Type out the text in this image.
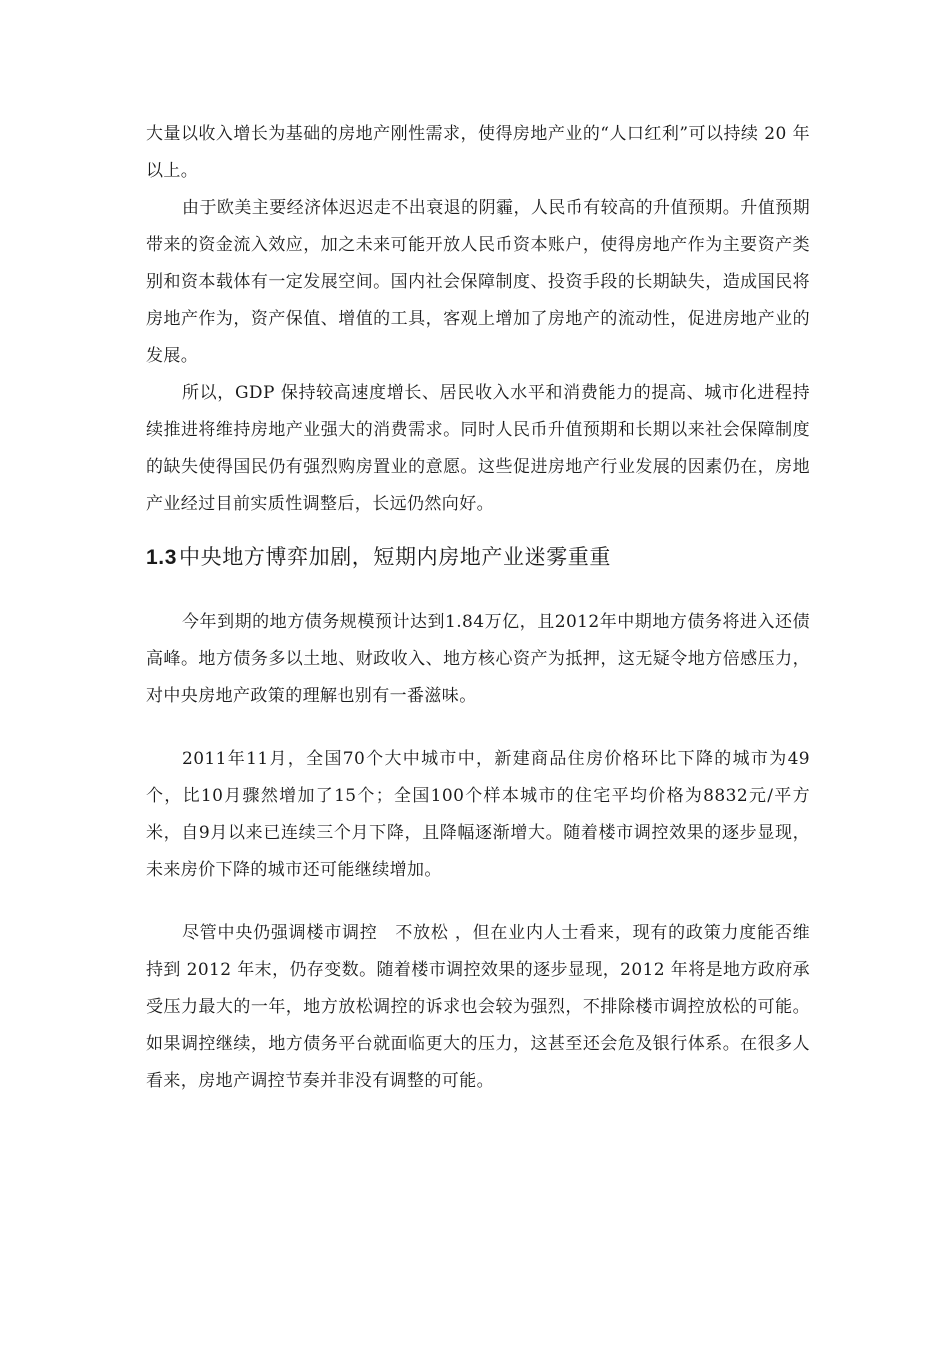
大量以收入增长为基础的房地产刚性需求，使得房地产业的“人口红利”可以持续 20 年以上。

由于欧美主要经济体迟迟走不出衰退的阴霾，人民币有较高的升值预期。升值预期带来的资金流入效应，加之未来可能开放人民币资本账户，使得房地产作为主要资产类别和资本载体有一定发展空间。国内社会保障制度、投资手段的长期缺失，造成国民将房地产作为，资产保值、增值的工具，客观上增加了房地产的流动性，促进房地产业的发展。

所以，GDP 保持较高速度增长、居民收入水平和消费能力的提高、城市化进程持续推进将维持房地产业强大的消费需求。同时人民币升值预期和长期以来社会保障制度的缺失使得国民仍有强烈购房置业的意愿。这些促进房地产行业发展的因素仍在，房地产业经过目前实质性调整后，长远仍然向好。

1.3中央地方博弈加剧，短期内房地产业迷雾重重

今年到期的地方债务规模预计达到1.84万亿，且2012年中期地方债务将进入还债高峰。地方债务多以土地、财政收入、地方核心资产为抵押，这无疑令地方倍感压力，对中央房地产政策的理解也别有一番滋味。

2011年11月，全国70个大中城市中，新建商品住房价格环比下降的城市为49个，比10月骤然增加了15个；全国100个样本城市的住宅平均价格为8832元/平方米，自9月以来已连续三个月下降，且降幅逐渐增大。随着楼市调控效果的逐步显现，未来房价下降的城市还可能继续增加。

尽管中央仍强调楼市调控　不放松 ，但在业内人士看来，现有的政策力度能否维持到 2012 年末，仍存变数。随着楼市调控效果的逐步显现，2012 年将是地方政府承受压力最大的一年，地方放松调控的诉求也会较为强烈，不排除楼市调控放松的可能。如果调控继续，地方债务平台就面临更大的压力，这甚至还会危及银行体系。在很多人看来，房地产调控节奏并非没有调整的可能。
